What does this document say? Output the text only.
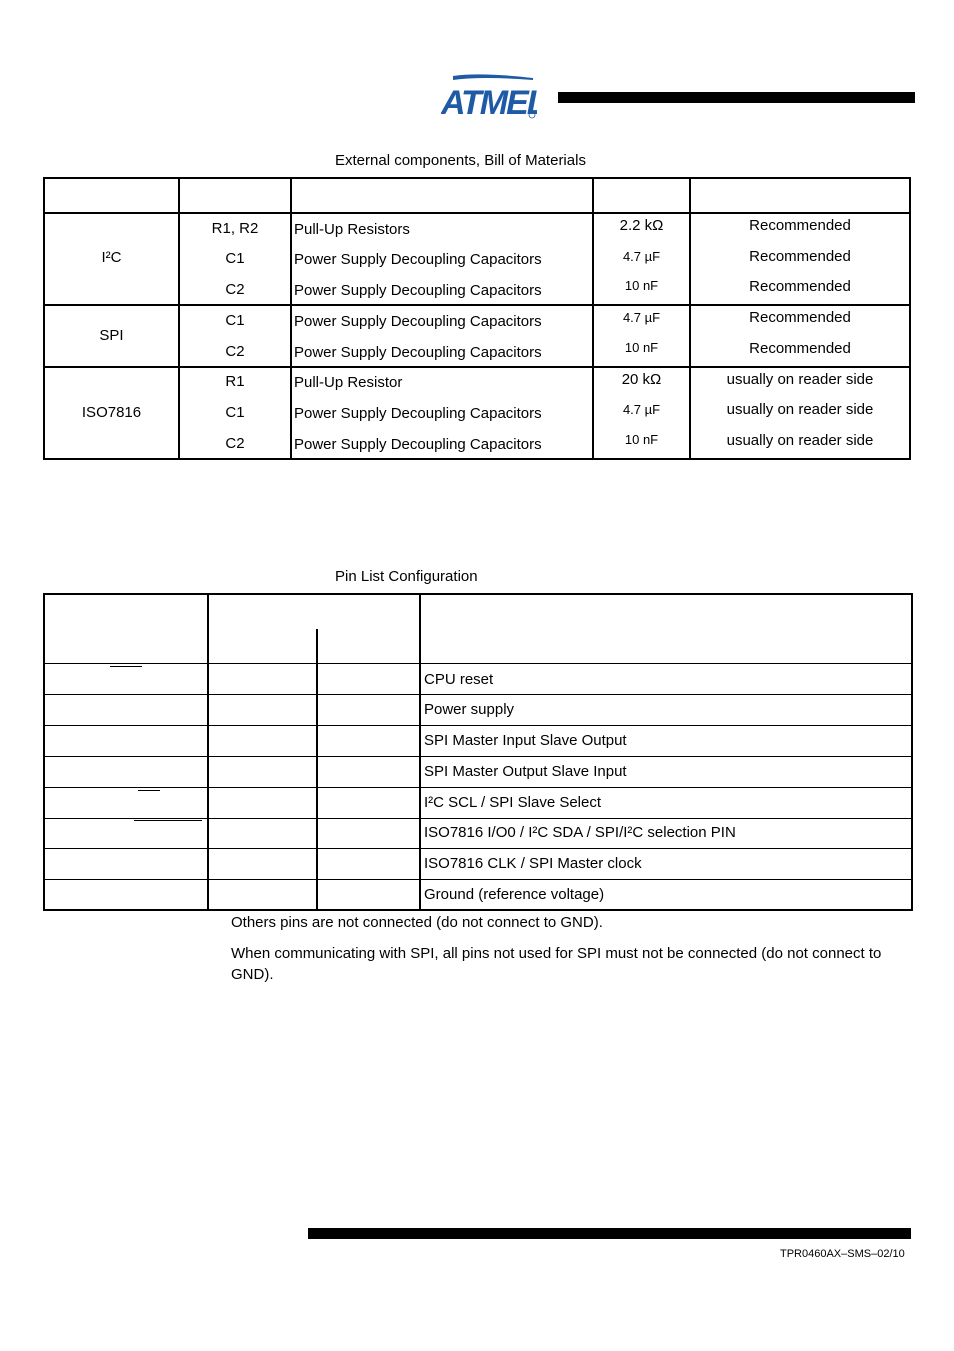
ATMEL
External components, Bill of Materials
I²C
R1, R2	Pull-Up Resistors	2.2 kΩ	Recommended
C1	Power Supply Decoupling Capacitors	4.7 µF	Recommended
C2	Power Supply Decoupling Capacitors	10 nF	Recommended
SPI
C1	Power Supply Decoupling Capacitors	4.7 µF	Recommended
C2	Power Supply Decoupling Capacitors	10 nF	Recommended
ISO7816
R1	Pull-Up Resistor	20 kΩ	usually on reader side
C1	Power Supply Decoupling Capacitors	4.7 µF	usually on reader side
C2	Power Supply Decoupling Capacitors	10 nF	usually on reader side
Pin List Configuration
CPU reset
Power supply
SPI Master Input Slave Output
SPI Master Output Slave Input
I²C SCL / SPI Slave Select
ISO7816 I/O0 / I²C SDA / SPI/I²C selection PIN
ISO7816 CLK / SPI Master clock
Ground (reference voltage)
Others pins are not connected (do not connect to GND).
When communicating with SPI, all pins not used for SPI must not be connected (do not connect to GND).
TPR0460AX–SMS–02/10
